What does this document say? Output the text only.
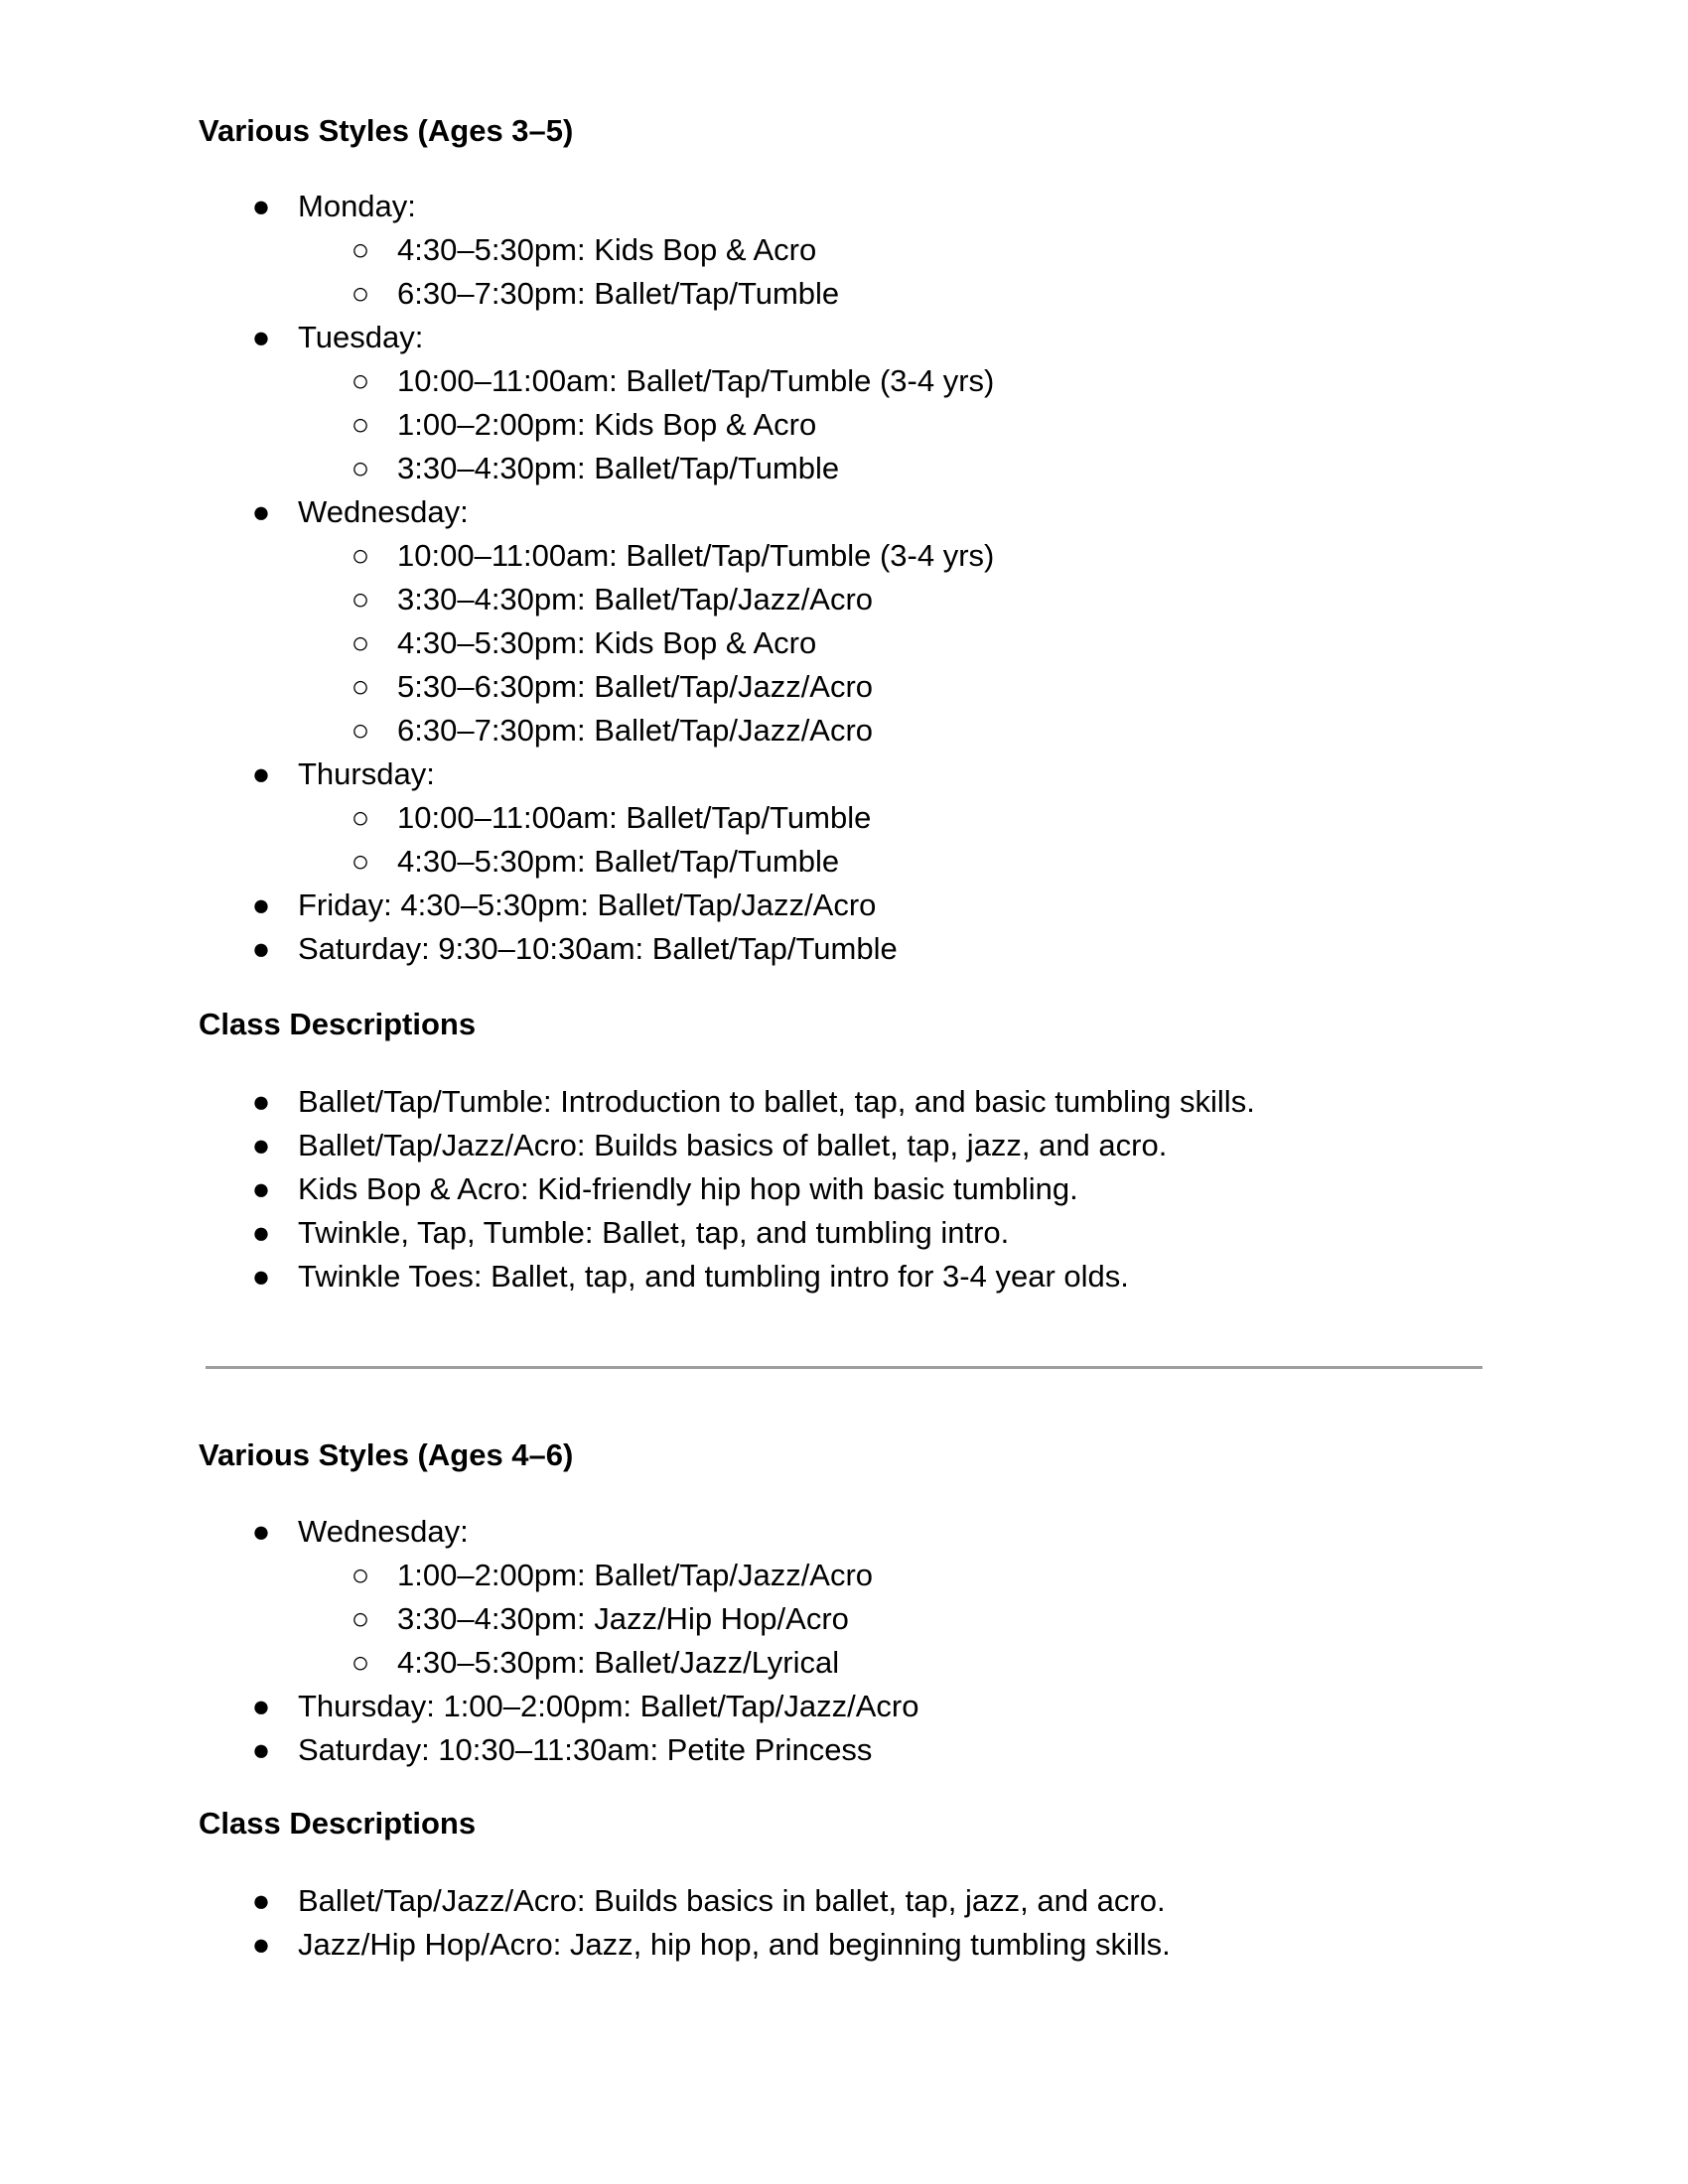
Various Styles (Ages 3–5)
● Monday:
○ 4:30–5:30pm: Kids Bop & Acro
○ 6:30–7:30pm: Ballet/Tap/Tumble
● Tuesday:
○ 10:00–11:00am: Ballet/Tap/Tumble (3-4 yrs)
○ 1:00–2:00pm: Kids Bop & Acro
○ 3:30–4:30pm: Ballet/Tap/Tumble
● Wednesday:
○ 10:00–11:00am: Ballet/Tap/Tumble (3-4 yrs)
○ 3:30–4:30pm: Ballet/Tap/Jazz/Acro
○ 4:30–5:30pm: Kids Bop & Acro
○ 5:30–6:30pm: Ballet/Tap/Jazz/Acro
○ 6:30–7:30pm: Ballet/Tap/Jazz/Acro
● Thursday:
○ 10:00–11:00am: Ballet/Tap/Tumble
○ 4:30–5:30pm: Ballet/Tap/Tumble
● Friday: 4:30–5:30pm: Ballet/Tap/Jazz/Acro
● Saturday: 9:30–10:30am: Ballet/Tap/Tumble
Class Descriptions
● Ballet/Tap/Tumble: Introduction to ballet, tap, and basic tumbling skills.
● Ballet/Tap/Jazz/Acro: Builds basics of ballet, tap, jazz, and acro.
● Kids Bop & Acro: Kid-friendly hip hop with basic tumbling.
● Twinkle, Tap, Tumble: Ballet, tap, and tumbling intro.
● Twinkle Toes: Ballet, tap, and tumbling intro for 3-4 year olds.
Various Styles (Ages 4–6)
● Wednesday:
○ 1:00–2:00pm: Ballet/Tap/Jazz/Acro
○ 3:30–4:30pm: Jazz/Hip Hop/Acro
○ 4:30–5:30pm: Ballet/Jazz/Lyrical
● Thursday: 1:00–2:00pm: Ballet/Tap/Jazz/Acro
● Saturday: 10:30–11:30am: Petite Princess
Class Descriptions
● Ballet/Tap/Jazz/Acro: Builds basics in ballet, tap, jazz, and acro.
● Jazz/Hip Hop/Acro: Jazz, hip hop, and beginning tumbling skills.
